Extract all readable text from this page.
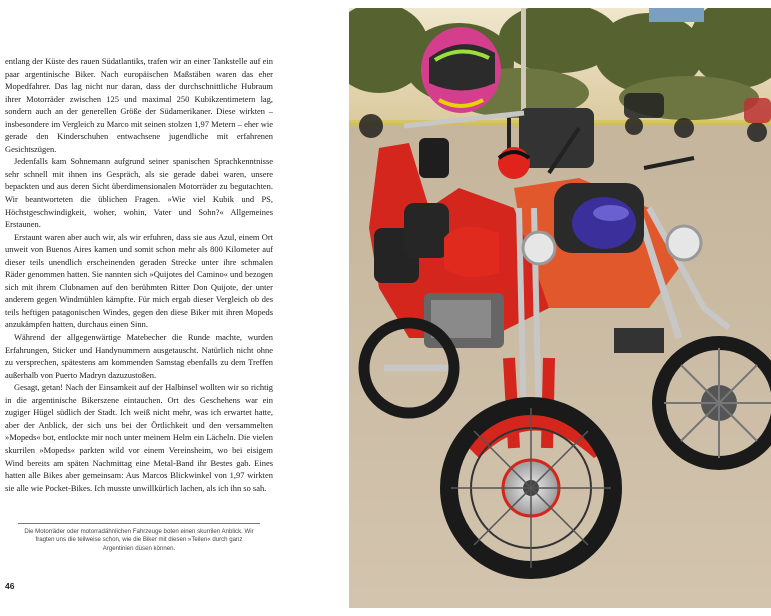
entlang der Küste des rauen Südatlantiks, trafen wir an einer Tankstelle auf ein paar argentinische Biker. Nach europäischen Maßstäben waren das eher Mopedfahrer. Das lag nicht nur daran, dass der durchschnittliche Hubraum ihrer Motorräder zwischen 125 und maximal 250 Kubikzentimetern lag, sondern auch an der generellen Größe der Südamerikaner. Diese wirkten – insbesondere im Vergleich zu Marco mit seinen stolzen 1,97 Metern – eher wie gerade den Kinderschuhen entwachsene jugendliche mit erfahrenen Gesichtszügen.

Jedenfalls kam Sohnemann aufgrund seiner spanischen Sprachkenntnisse sehr schnell mit ihnen ins Gespräch, als sie gerade dabei waren, unsere bepackten und aus deren Sicht überdimensionalen Motorräder zu begutachten. Wir beantworteten die üblichen Fragen. »Wie viel Kubik und PS, Höchstgeschwindigkeit, woher, wohin, Vater und Sohn?« Allgemeines Erstaunen.

Erstaunt waren aber auch wir, als wir erfuhren, dass sie aus Azul, einem Ort unweit von Buenos Aires kamen und somit schon mehr als 800 Kilometer auf dieser teils unendlich erscheinenden geraden Strecke unter ihre schmalen Räder genommen hatten. Sie nannten sich »Quijotes del Camino« und bezogen sich mit ihrem Clubnamen auf den berühmten Ritter Don Quijote, der unter anderem gegen Windmühlen kämpfte. Für mich ergab dieser Vergleich ob des teils heftigen patagonischen Windes, gegen den diese Biker mit ihren Mopeds anzukämpfen hatten, durchaus einen Sinn.

Während der allgegenwärtige Matebecher die Runde machte, wurden Erfahrungen, Sticker und Handynummern ausgetauscht. Natürlich nicht ohne zu versprechen, spätestens am kommenden Samstag ebenfalls zu dem Treffen außerhalb von Puerto Madryn dazuzustoßen.

Gesagt, getan! Nach der Einsamkeit auf der Halbinsel wollten wir so richtig in die argentinische Bikerszene eintauchen. Ort des Geschehens war ein zugiger Hügel südlich der Stadt. Ich weiß nicht mehr, was ich erwartet hatte, aber der Anblick, der sich uns bei der Örtlichkeit und den versammelten »Mopeds« bot, entlockte mir noch unter meinem Helm ein Lächeln. Die vielen skurrilen »Mopeds« parkten wild vor einem Vereinsheim, wo bei eisigem Wind bereits am späten Nachmittag eine Metal-Band ihr Bestes gab. Eines hatten alle Bikes aber gemeinsam: Aus Marcos Blickwinkel von 1,97 wirkten sie alle wie Pocket-Bikes. Ich musste unwillkürlich lachen, als ich ihn so sah.

Die Motorräder oder motorradähnlichen Fahrzeuge boten einen skurrilen Anblick. Wir fragten uns die teilweise schon, wie die Biker mit diesen »Teilen« durch ganz Argentinien düsen können.
46
